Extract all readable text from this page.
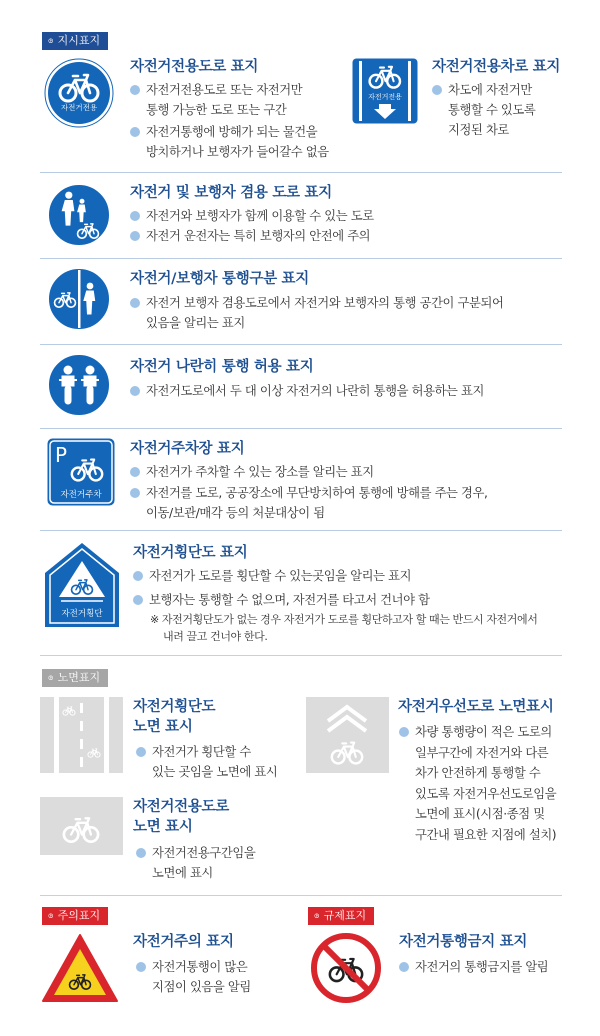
ၜ 지시표지
자전거전용
자전거전용도로 표지
자전거전용도로 또는 자전거만
통행 가능한 도로 또는 구간
자전거통행에 방해가 되는 물건을
방치하거나 보행자가 들어갈수 없음
자전거전용
자전거전용차로 표지
차도에 자전거만
통행할 수 있도록
지정된 차로
자전거 및 보행자 겸용 도로 표지
자전거와 보행자가 함께 이용할 수 있는 도로
자전거 운전자는 특히 보행자의 안전에 주의
자전거/보행자 통행구분 표지
자전거 보행자 겸용도로에서 자전거와 보행자의 통행 공간이 구분되어
있음을 알리는 표지
자전거 나란히 통행 허용 표지
자전거도로에서 두 대 이상 자전거의 나란히 통행을 허용하는 표지
P
자전거주차
자전거주차장 표지
자전거가 주차할 수 있는 장소를 알리는 표지
자전거를 도로, 공공장소에 무단방치하여 통행에 방해를 주는 경우,
이동/보관/매각 등의 처분대상이 됨
자전거횡단
자전거횡단도 표지
자전거가 도로를 횡단할 수 있는곳임을 알리는 표지
보행자는 통행할 수 없으며, 자전거를 타고서 건너야 함
※ 자전거횡단도가 없는 경우 자전거가 도로를 횡단하고자 할 때는 반드시 자전거에서
내려 끌고 건너야 한다.
ၜ 노면표지
자전거횡단도
노면 표시
자전거가 횡단할 수
있는 곳임을 노면에 표시
자전거우선도로 노면표시
차량 통행량이 적은 도로의
일부구간에 자전거와 다른
차가 안전하게 통행할 수
있도록 자전거우선도로임을
노면에 표시(시점·종점 및
구간내 필요한 지점에 설치)
자전거전용도로
노면 표시
자전거전용구간임을
노면에 표시
ၜ 주의표지
자전거주의 표지
자전거통행이 많은
지점이 있음을 알림
ၜ 규제표지
자전거통행금지 표지
자전거의 통행금지를 알림
